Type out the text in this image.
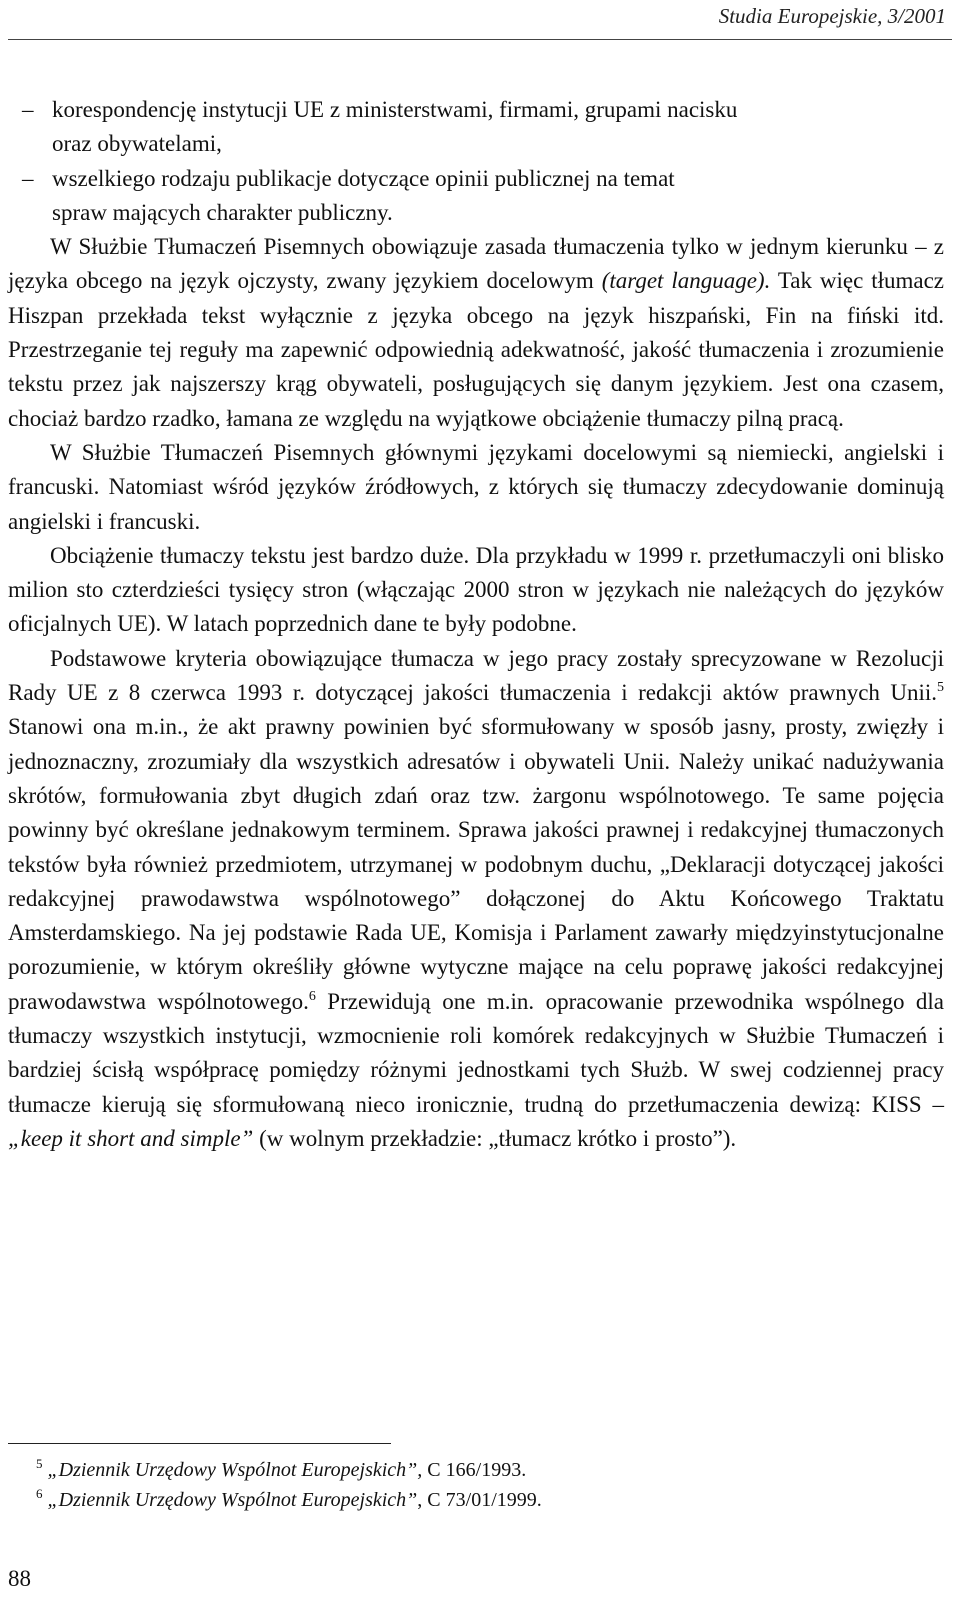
Studia Europejskie, 3/2001
– korespondencję instytucji UE z ministerstwami, firmami, grupami nacisku
oraz obywatelami,
– wszelkiego rodzaju publikacje dotyczące opinii publicznej na temat
spraw mających charakter publiczny.

W Służbie Tłumaczeń Pisemnych obowiązuje zasada tłumaczenia tylko w jednym kierunku – z języka obcego na język ojczysty, zwany językiem docelowym (target language). Tak więc tłumacz Hiszpan przekłada tekst wyłącznie z języka obcego na język hiszpański, Fin na fiński itd. Przestrzeganie tej reguły ma zapewnić odpowiednią adekwatność, jakość tłumaczenia i zrozumienie tekstu przez jak najszerszy krąg obywateli, posługujących się danym językiem. Jest ona czasem, chociaż bardzo rzadko, łamana ze względu na wyjątkowe obciążenie tłumaczy pilną pracą.

W Służbie Tłumaczeń Pisemnych głównymi językami docelowymi są niemiecki, angielski i francuski. Natomiast wśród języków źródłowych, z których się tłumaczy zdecydowanie dominują angielski i francuski.

Obciążenie tłumaczy tekstu jest bardzo duże. Dla przykładu w 1999 r. przetłumaczyli oni blisko milion sto czterdzieści tysięcy stron (włączając 2000 stron w językach nie należących do języków oficjalnych UE). W latach poprzednich dane te były podobne.

Podstawowe kryteria obowiązujące tłumacza w jego pracy zostały sprecyzowane w Rezolucji Rady UE z 8 czerwca 1993 r. dotyczącej jakości tłumaczenia i redakcji aktów prawnych Unii.$^5$ Stanowi ona m.in., że akt prawny powinien być sformułowany w sposób jasny, prosty, zwięzły i jednoznaczny, zrozumiały dla wszystkich adresatów i obywateli Unii. Należy unikać nadużywania skrótów, formułowania zbyt długich zdań oraz tzw. żargonu wspólnotowego. Te same pojęcia powinny być określane jednakowym terminem. Sprawa jakości prawnej i redakcyjnej tłumaczonych tekstów była również przedmiotem, utrzymanej w podobnym duchu, „Deklaracji dotyczącej jakości redakcyjnej prawodawstwa wspólnotowego” dołączonej do Aktu Końcowego Traktatu Amsterdamskiego. Na jej podstawie Rada UE, Komisja i Parlament zawarły międzyinstytucjonalne porozumienie, w którym określiły główne wytyczne mające na celu poprawę jakości redakcyjnej prawodawstwa wspólnotowego.$^6$ Przewidują one m.in. opracowanie przewodnika wspólnego dla tłumaczy wszystkich instytucji, wzmocnienie roli komórek redakcyjnych w Służbie Tłumaczeń i bardziej ścisłą współpracę pomiędzy różnymi jednostkami tych Służb. W swej codziennej pracy tłumacze kierują się sformułowaną nieco ironicznie, trudną do przetłumaczenia dewizą: KISS – „keep it short and simple” (w wolnym przekładzie: „tłumacz krótko i prosto”).

$^5$ „Dziennik Urzędowy Wspólnot Europejskich”, C 166/1993.
$^6$ „Dziennik Urzędowy Wspólnot Europejskich”, C 73/01/1999.
88
